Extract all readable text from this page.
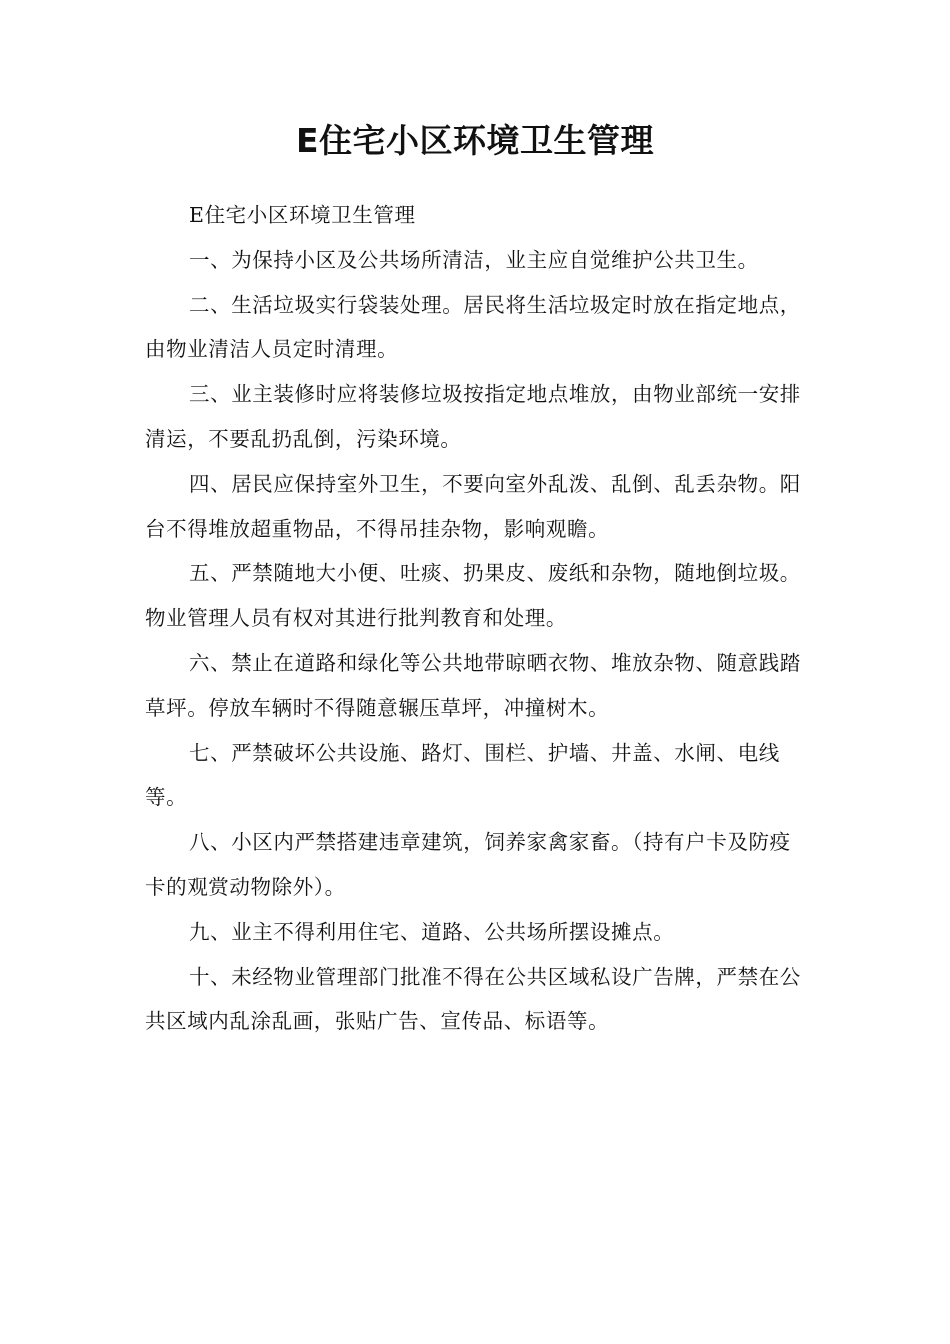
E住宅小区环境卫生管理

E住宅小区环境卫生管理

一、为保持小区及公共场所清洁，业主应自觉维护公共卫生。

二、生活垃圾实行袋装处理。居民将生活垃圾定时放在指定地点，由物业清洁人员定时清理。

三、业主装修时应将装修垃圾按指定地点堆放，由物业部统一安排清运，不要乱扔乱倒，污染环境。

四、居民应保持室外卫生，不要向室外乱泼、乱倒、乱丢杂物。阳台不得堆放超重物品，不得吊挂杂物，影响观瞻。

五、严禁随地大小便、吐痰、扔果皮、废纸和杂物，随地倒垃圾。物业管理人员有权对其进行批判教育和处理。

六、禁止在道路和绿化等公共地带晾晒衣物、堆放杂物、随意践踏草坪。停放车辆时不得随意辗压草坪，冲撞树木。

七、严禁破坏公共设施、路灯、围栏、护墙、井盖、水闸、电线等。

八、小区内严禁搭建违章建筑，饲养家禽家畜。（持有户卡及防疫卡的观赏动物除外）。

九、业主不得利用住宅、道路、公共场所摆设摊点。

十、未经物业管理部门批准不得在公共区域私设广告牌，严禁在公共区域内乱涂乱画，张贴广告、宣传品、标语等。
